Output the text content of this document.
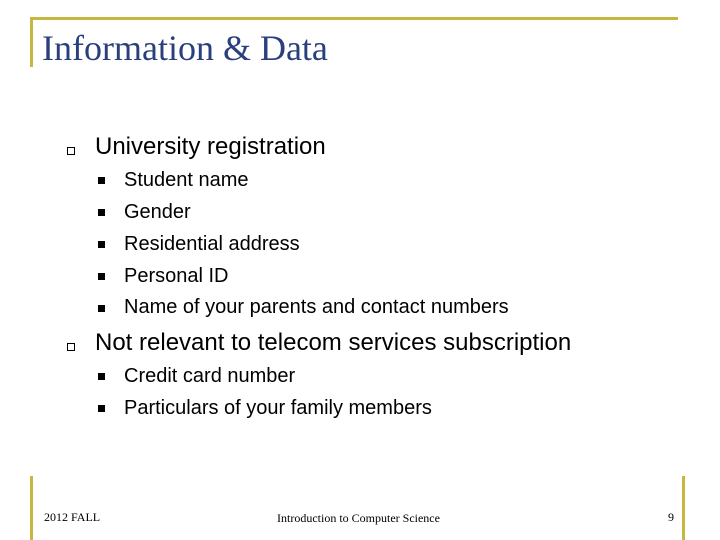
Information & Data
University registration
Student name
Gender
Residential address
Personal ID
Name of your parents and contact numbers
Not relevant to telecom services subscription
Credit card number
Particulars of your family members
2012 FALL	Introduction to Computer Science	9
